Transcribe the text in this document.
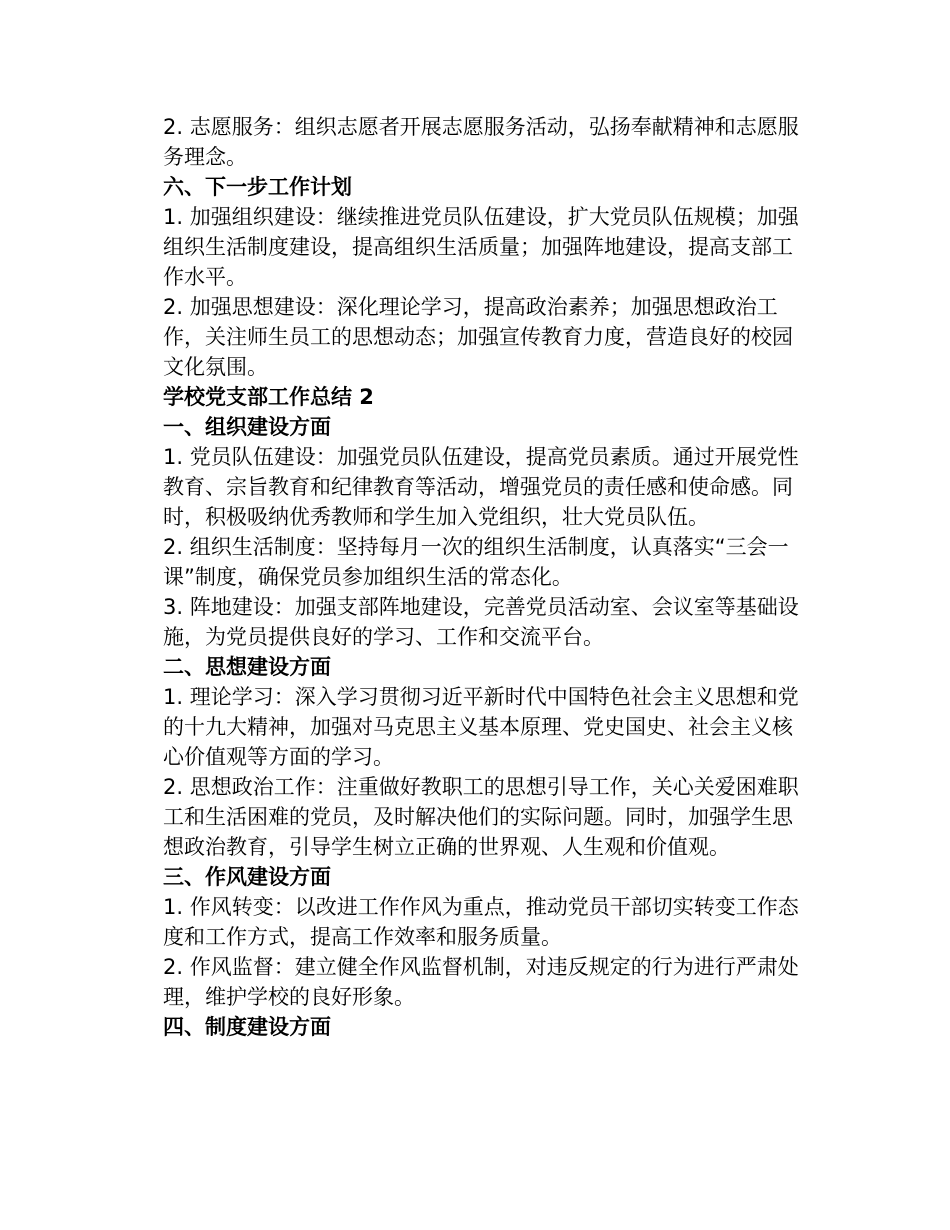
2. 志愿服务：组织志愿者开展志愿服务活动，弘扬奉献精神和志愿服务理念。

六、下一步工作计划

1. 加强组织建设：继续推进党员队伍建设，扩大党员队伍规模；加强组织生活制度建设，提高组织生活质量；加强阵地建设，提高支部工作水平。

2. 加强思想建设：深化理论学习，提高政治素养；加强思想政治工作，关注师生员工的思想动态；加强宣传教育力度，营造良好的校园文化氛围。

学校党支部工作总结 2

一、组织建设方面

1. 党员队伍建设：加强党员队伍建设，提高党员素质。通过开展党性教育、宗旨教育和纪律教育等活动，增强党员的责任感和使命感。同时，积极吸纳优秀教师和学生加入党组织，壮大党员队伍。

2. 组织生活制度：坚持每月一次的组织生活制度，认真落实“三会一课”制度，确保党员参加组织生活的常态化。

3. 阵地建设：加强支部阵地建设，完善党员活动室、会议室等基础设施，为党员提供良好的学习、工作和交流平台。

二、思想建设方面

1. 理论学习：深入学习贯彻习近平新时代中国特色社会主义思想和党的十九大精神，加强对马克思主义基本原理、党史国史、社会主义核心价值观等方面的学习。

2. 思想政治工作：注重做好教职工的思想引导工作，关心关爱困难职工和生活困难的党员，及时解决他们的实际问题。同时，加强学生思想政治教育，引导学生树立正确的世界观、人生观和价值观。

三、作风建设方面

1. 作风转变：以改进工作作风为重点，推动党员干部切实转变工作态度和工作方式，提高工作效率和服务质量。

2. 作风监督：建立健全作风监督机制，对违反规定的行为进行严肃处理，维护学校的良好形象。

四、制度建设方面
